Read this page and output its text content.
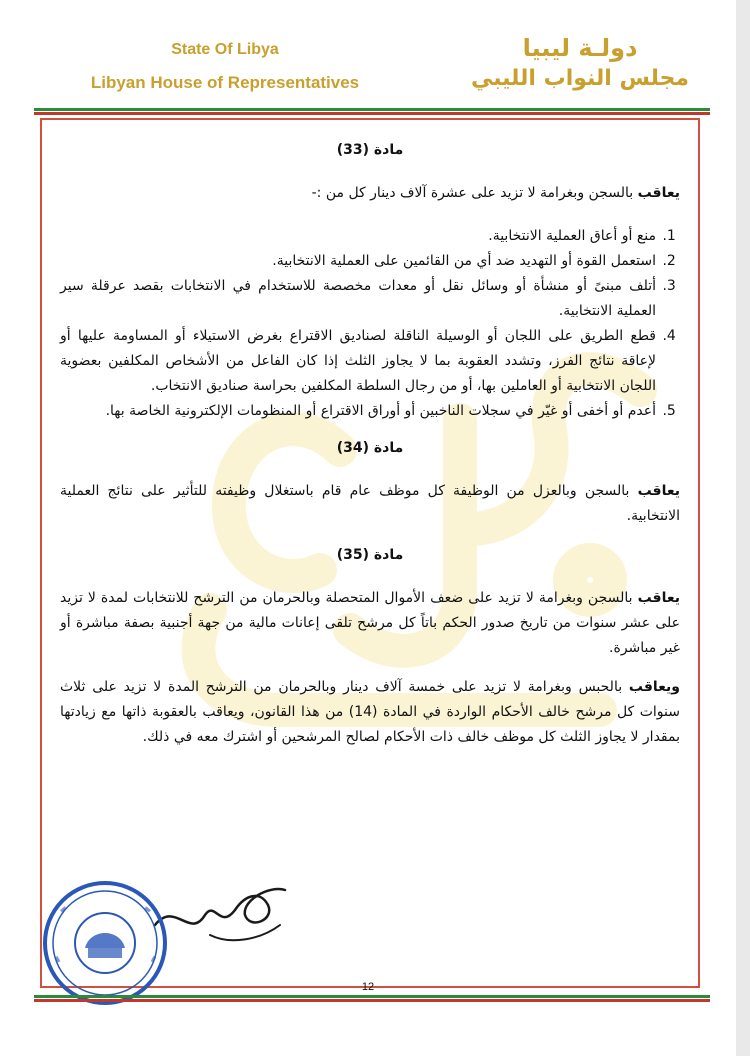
State Of Libya
Libyan House of Representatives
دولـة ليبيا
مجلس النواب الليبي
مادة (33)

يعاقب بالسجن وبغرامة لا تزيد على عشرة آلاف دينار كل من :-

1. منع أو أعاق العملية الانتخابية.
2. استعمل القوة أو التهديد ضد أي من القائمين على العملية الانتخابية.
3. أتلف مبنىً أو منشأة أو وسائل نقل أو معدات مخصصة للاستخدام في الانتخابات بقصد عرقلة سير العملية الانتخابية.
4. قطع الطريق على اللجان أو الوسيلة الناقلة لصناديق الاقتراع بغرض الاستيلاء أو المساومة عليها أو لإعاقة نتائج الفرز، وتشدد العقوبة بما لا يجاوز الثلث إذا كان الفاعل من الأشخاص المكلفين بعضوية اللجان الانتخابية أو العاملين بها، أو من رجال السلطة المكلفين بحراسة صناديق الانتخاب.
5. أعدم أو أخفى أو غيّر في سجلات الناخبين أو أوراق الاقتراع أو المنظومات الإلكترونية الخاصة بها.
مادة (34)

يعاقب بالسجن وبالعزل من الوظيفة كل موظف عام قام باستغلال وظيفته للتأثير على نتائج العملية الانتخابية.

مادة (35)

يعاقب بالسجن وبغرامة لا تزيد على ضعف الأموال المتحصلة وبالحرمان من الترشح للانتخابات لمدة لا تزيد على عشر سنوات من تاريخ صدور الحكم باتاً كل مرشح تلقى إعانات مالية من جهة أجنبية بصفة مباشرة أو غير مباشرة.

ويعاقب بالحبس وبغرامة لا تزيد على خمسة آلاف دينار وبالحرمان من الترشح المدة لا تزيد على ثلاث سنوات كل مرشح خالف الأحكام الواردة في المادة (14) من هذا القانون، ويعاقب بالعقوبة ذاتها مع زيادتها بمقدار لا يجاوز الثلث كل موظف خالف ذات الأحكام لصالح المرشحين أو اشترك معه في ذلك.

12
